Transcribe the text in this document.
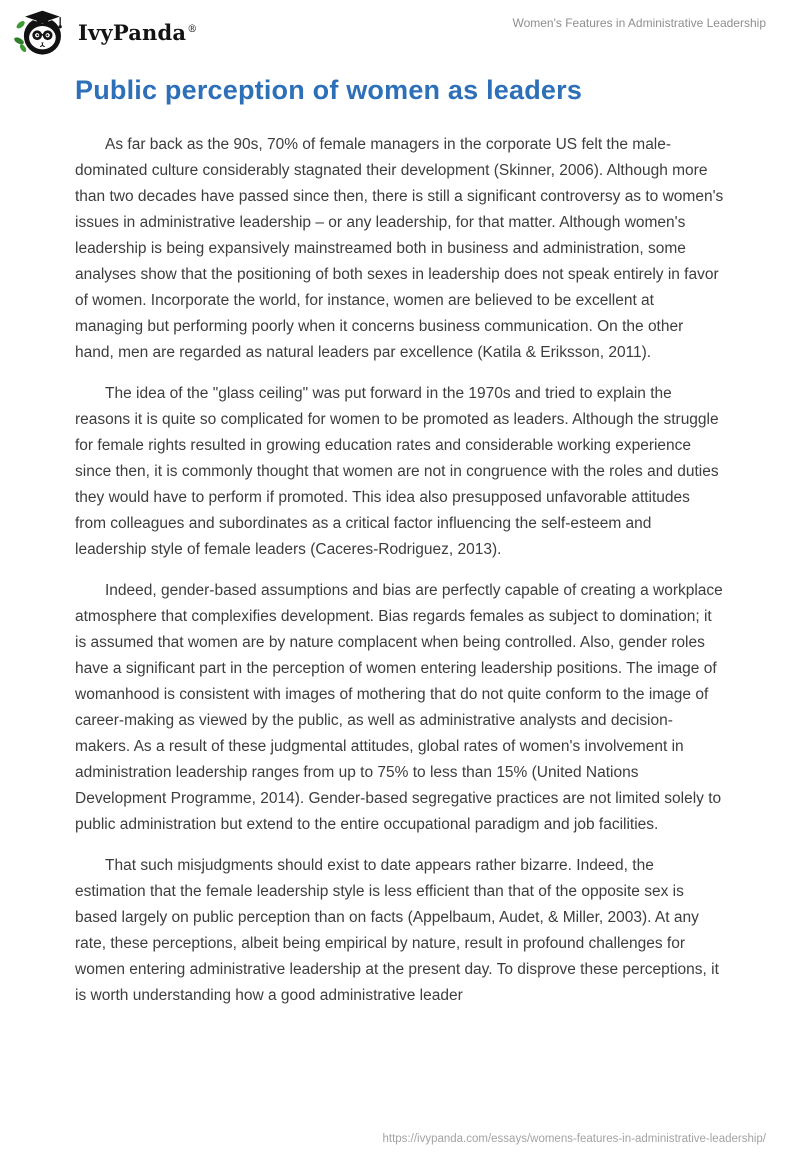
IvyPanda®	Women's Features in Administrative Leadership
Public perception of women as leaders

As far back as the 90s, 70% of female managers in the corporate US felt the male-dominated culture considerably stagnated their development (Skinner, 2006). Although more than two decades have passed since then, there is still a significant controversy as to women's issues in administrative leadership – or any leadership, for that matter. Although women's leadership is being expansively mainstreamed both in business and administration, some analyses show that the positioning of both sexes in leadership does not speak entirely in favor of women. Incorporate the world, for instance, women are believed to be excellent at managing but performing poorly when it concerns business communication. On the other hand, men are regarded as natural leaders par excellence (Katila & Eriksson, 2011).

The idea of the "glass ceiling" was put forward in the 1970s and tried to explain the reasons it is quite so complicated for women to be promoted as leaders. Although the struggle for female rights resulted in growing education rates and considerable working experience since then, it is commonly thought that women are not in congruence with the roles and duties they would have to perform if promoted. This idea also presupposed unfavorable attitudes from colleagues and subordinates as a critical factor influencing the self-esteem and leadership style of female leaders (Caceres-Rodriguez, 2013).

Indeed, gender-based assumptions and bias are perfectly capable of creating a workplace atmosphere that complexifies development. Bias regards females as subject to domination; it is assumed that women are by nature complacent when being controlled. Also, gender roles have a significant part in the perception of women entering leadership positions. The image of womanhood is consistent with images of mothering that do not quite conform to the image of career-making as viewed by the public, as well as administrative analysts and decision-makers. As a result of these judgmental attitudes, global rates of women's involvement in administration leadership ranges from up to 75% to less than 15% (United Nations Development Programme, 2014). Gender-based segregative practices are not limited solely to public administration but extend to the entire occupational paradigm and job facilities.

That such misjudgments should exist to date appears rather bizarre. Indeed, the estimation that the female leadership style is less efficient than that of the opposite sex is based largely on public perception than on facts (Appelbaum, Audet, & Miller, 2003). At any rate, these perceptions, albeit being empirical by nature, result in profound challenges for women entering administrative leadership at the present day. To disprove these perceptions, it is worth understanding how a good administrative leader

https://ivypanda.com/essays/womens-features-in-administrative-leadership/
